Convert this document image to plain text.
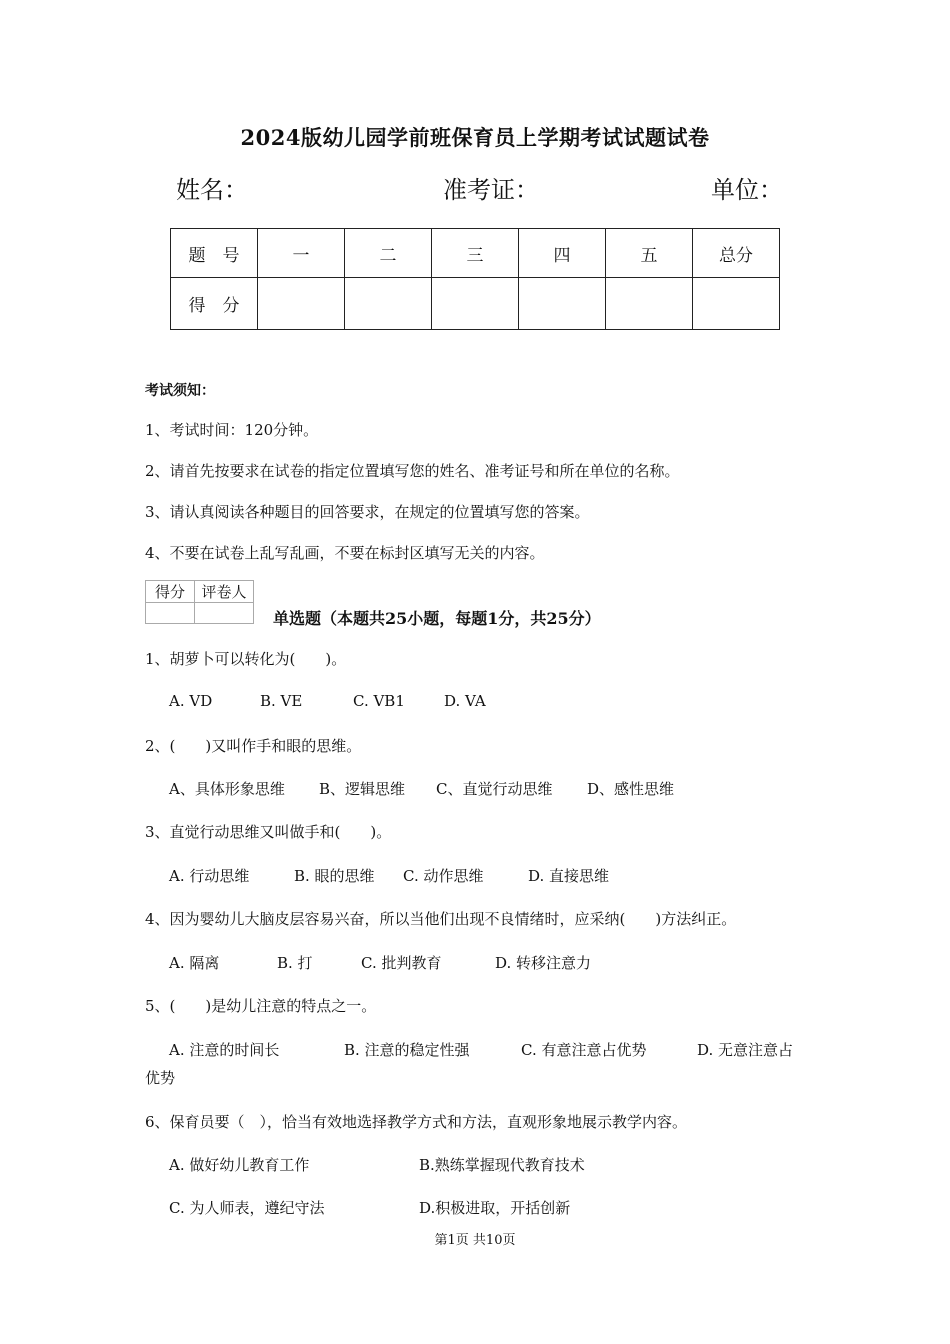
2024版幼儿园学前班保育员上学期考试试题试卷
姓名：	准考证：	单位：
题　号	一	二	三	四	五	总分
得　分						
考试须知：
1、考试时间：120分钟。
2、请首先按要求在试卷的指定位置填写您的姓名、准考证号和所在单位的名称。
3、请认真阅读各种题目的回答要求，在规定的位置填写您的答案。
4、不要在试卷上乱写乱画，不要在标封区填写无关的内容。
得分	评卷人

单选题（本题共25小题，每题1分，共25分）
1、胡萝卜可以转化为(　　)。
A. VD	B. VE	C. VB1	D. VA
2、(　　)又叫作手和眼的思维。
A、具体形象思维 B、逻辑思维 C、直觉行动思维 D、感性思维
3、直觉行动思维又叫做手和(　　)。
A. 行动思维	B. 眼的思维 C. 动作思维	D. 直接思维
4、因为婴幼儿大脑皮层容易兴奋，所以当他们出现不良情绪时，应采纳(　　)方法纠正。
A. 隔离	B. 打	C. 批判教育	D. 转移注意力
5、(　　)是幼儿注意的特点之一。
A. 注意的时间长	B. 注意的稳定性强	C. 有意注意占优势	D. 无意注意占
优势
6、保育员要（　），恰当有效地选择教学方式和方法，直观形象地展示教学内容。
A. 做好幼儿教育工作	B.熟练掌握现代教育技术
C. 为人师表，遵纪守法	D.积极进取，开括创新
第1页 共10页
